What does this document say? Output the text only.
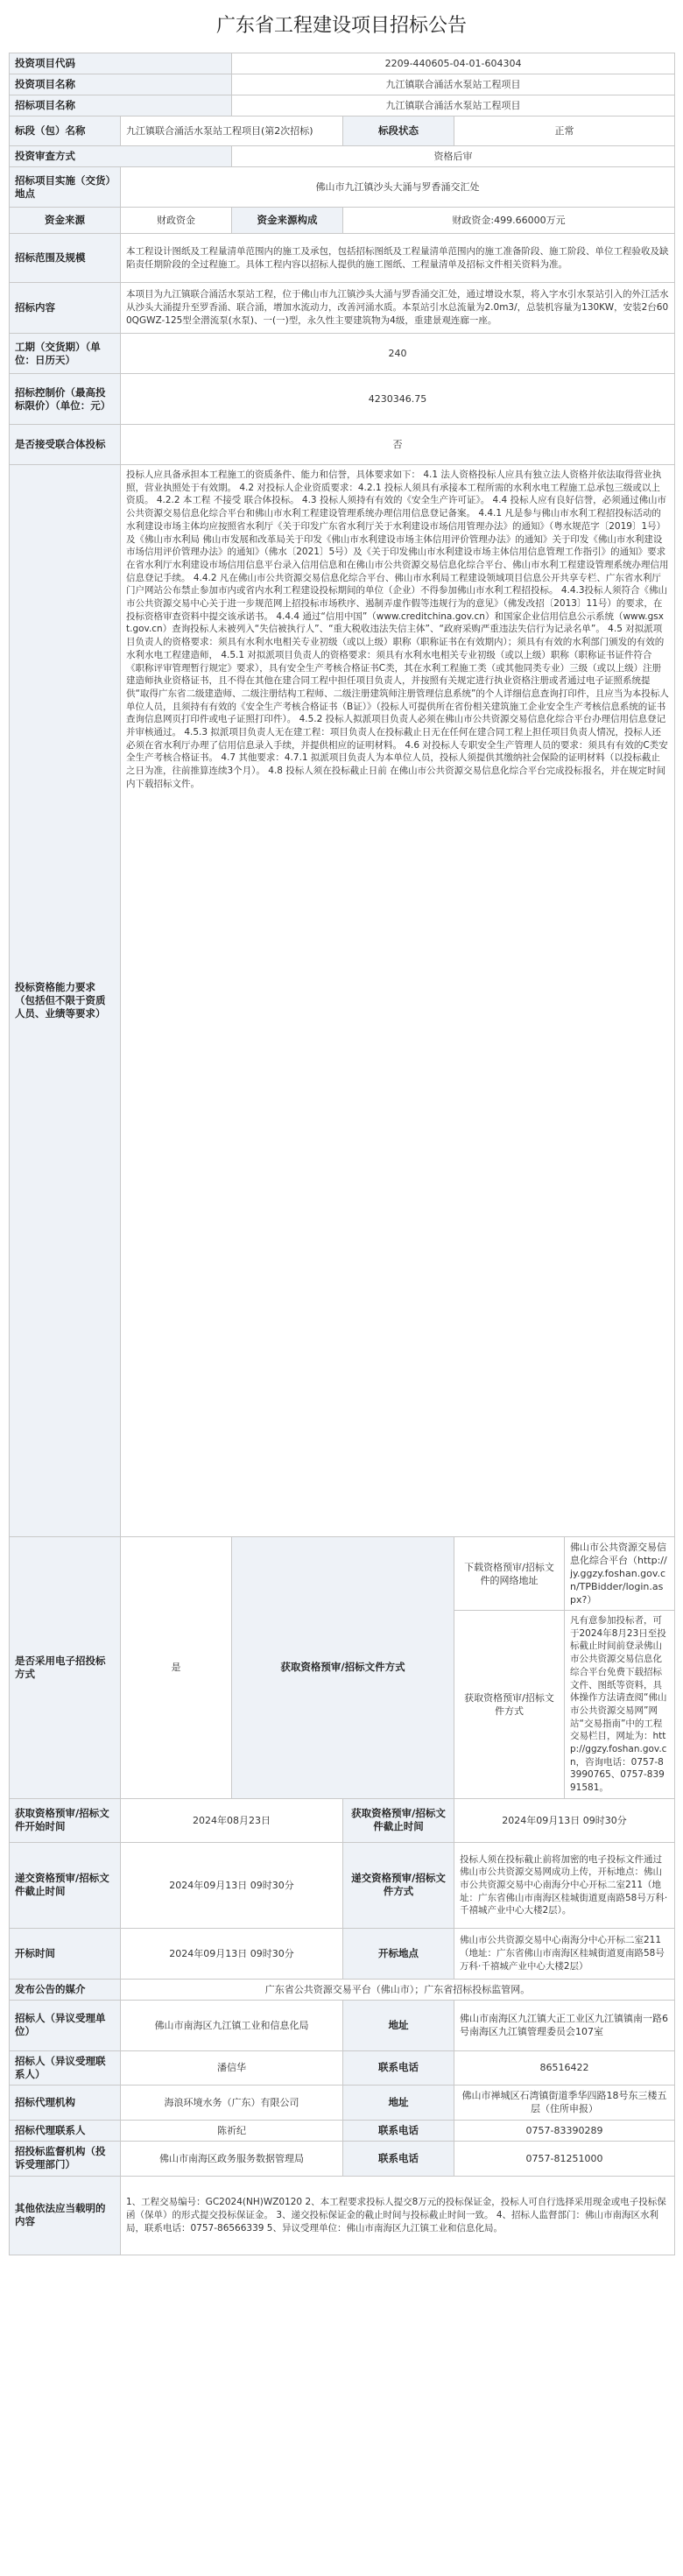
广东省工程建设项目招标公告
投资项目代码		2209-440605-04-01-604304			
投资项目名称		九江镇联合涌活水泵站工程项目			
招标项目名称		九江镇联合涌活水泵站工程项目			
标段（包）名称	九江镇联合涌活水泵站工程项目(第2次招标)		标段状态	正常	
投资审查方式		资格后审			
招标项目实施（交货）地点	佛山市九江镇沙头大涌与罗香涌交汇处				
资金来源	财政资金	资金来源构成	财政资金:499.66000万元		
招标范围及规模	本工程设计图纸及工程量清单范围内的施工及承包，包括招标图纸及工程量清单范围内的施工准备阶段、施工阶段、单位工程验收及缺陷责任期阶段的全过程施工。具体工程内容以招标人提供的施工图纸、工程量清单及招标文件相关资料为准。				
招标内容	本项目为九江镇联合涌活水泵站工程，位于佛山市九江镇沙头大涌与罗香涌交汇处，通过增设水泵，将入字水引水泵站引入的外江活水从沙头大涌提升至罗香涌、联合涌，增加水流动力，改善河涌水质。本泵站引水总流量为2.0m3/，总装机容量为130KW，安装2台600QGWZ-125型全潜流泵(水泵)、一(一)型，永久性主要建筑物为4级，重建景观连廊一座。				
工期（交货期）（单位：日历天）	240				
招标控制价（最高投标限价）（单位：元）	4230346.75				
是否接受联合体投标	否				
投标资格能力要求（包括但不限于资质人员、业绩等要求）	投标人应具备承担本工程施工的资质条件、能力和信誉，具体要求如下： 4.1 法人资格投标人应具有独立法人资格并依法取得营业执照，营业执照处于有效期。 4.2 对投标人企业资质要求：4.2.1 投标人须具有承接本工程所需的水利水电工程施工总承包三级或以上资质。 4.2.2 本工程 不接受 联合体投标。 4.3 投标人须持有有效的《安全生产许可证》。 4.4 投标人应有良好信誉，必须通过佛山市公共资源交易信息化综合平台和佛山市水利工程建设管理系统办理信用信息登记备案。 4.4.1 凡是参与佛山市水利工程招投标活动的水利建设市场主体均应按照省水利厅《关于印发广东省水利厅关于水利建设市场信用管理办法》的通知》（粤水规范字〔2019〕1号）及《佛山市水利局 佛山市发展和改革局关于印发《佛山市水利建设市场主体信用评价管理办法》的通知》关于印发《佛山市水利建设市场信用评价管理办法》的通知》（佛水〔2021〕5号）及《关于印发佛山市水利建设市场主体信用信息管理工作指引》的通知》要求在省水利厅水利建设市场信用信息平台录入信用信息和在佛山市公共资源交易信息化综合平台、佛山市水利工程建设管理系统办理信用信息登记手续。 4.4.2 凡在佛山市公共资源交易信息化综合平台、佛山市水利局工程建设领域项目信息公开共享专栏、广东省水利厅门户网站公布禁止参加市内或省内水利工程建设投标期间的单位（企业）不得参加佛山市水利工程招投标。 4.4.3投标人须符合《佛山市公共资源交易中心关于进一步规范网上招投标市场秩序、遏制弄虚作假等违规行为的意见》（佛发改招〔2013〕11号）的要求，在投标资格审查资料中提交该承诺书。 4.4.4 通过“信用中国”（www.creditchina.gov.cn）和国家企业信用信息公示系统（www.gsxt.gov.cn）查询投标人未被列入“失信被执行人”、“重大税收违法失信主体”、“政府采购严重违法失信行为记录名单”。 4.5 对拟派项目负责人的资格要求：须具有水利水电相关专业初级（或以上级）职称（职称证书在有效期内）；须具有有效的水利部门颁发的有效的水利水电工程建造师， 4.5.1 对拟派项目负责人的资格要求：须具有水利水电相关专业初级（或以上级）职称（职称证书证件符合《职称评审管理暂行规定》要求），具有安全生产考核合格证书C类，其在水利工程施工类（或其他同类专业）三级（或以上级）注册建造师执业资格证书，且不得在其他在建合同工程中担任项目负责人，并按照有关规定进行执业资格注册或者通过电子证照系统提供“取得广东省二级建造师、二级注册结构工程师、二级注册建筑师注册管理信息系统”的个人详细信息查询打印件，且应当为本投标人单位人员，且须持有有效的《安全生产考核合格证书（B证）》（投标人可提供所在省份相关建筑施工企业安全生产考核信息系统的证书查询信息网页打印件或电子证照打印件）。 4.5.2 投标人拟派项目负责人必须在佛山市公共资源交易信息化综合平台办理信用信息登记并审核通过。 4.5.3 拟派项目负责人无在建工程：项目负责人在投标截止日无在任何在建合同工程上担任项目负责人情况，投标人还必须在省水利厅办理了信用信息录入手续，并提供相应的证明材料。 4.6 对投标人专职安全生产管理人员的要求：须具有有效的C类安全生产考核合格证书。 4.7 其他要求：4.7.1 拟派项目负责人为本单位人员，投标人须提供其缴纳社会保险的证明材料（以投标截止之日为准，往前推算连续3个月）。 4.8 投标人须在投标截止日前 在佛山市公共资源交易信息化综合平台完成投标报名，并在规定时间内下载招标文件。				
是否采用电子招投标方式	是	获取资格预审/招标文件方式		下载资格预审/招标文件的网络地址	佛山市公共资源交易信息化综合平台（http://jy.ggzy.foshan.gov.cn/TPBidder/login.aspx?）
				获取资格预审/招标文件方式	凡有意参加投标者，可于2024年8月23日至投标截止时间前登录佛山市公共资源交易信息化综合平台免费下载招标文件、图纸等资料，具体操作方法请查阅“佛山市公共资源交易网”网站“交易指南”中的工程交易栏目，网址为：http://ggzy.foshan.gov.cn，咨询电话：0757-83990765、0757-83991581。
获取资格预审/招标文件开始时间	2024年08月23日		获取资格预审/招标文件截止时间	2024年09月13日 09时30分	
递交资格预审/招标文件截止时间	2024年09月13日 09时30分		递交资格预审/招标文件方式	投标人须在投标截止前将加密的电子投标文件通过佛山市公共资源交易网成功上传，开标地点：佛山市公共资源交易中心南海分中心开标二室211（地址：广东省佛山市南海区桂城街道夏南路58号万科·千禧城产业中心大楼2层）。	
开标时间	2024年09月13日 09时30分		开标地点	佛山市公共资源交易中心南海分中心开标二室211（地址：广东省佛山市南海区桂城街道夏南路58号万科·千禧城产业中心大楼2层）	
发布公告的媒介	广东省公共资源交易平台（佛山市）；广东省招标投标监管网。				
招标人（异议受理单位）	佛山市南海区九江镇工业和信息化局		地址	佛山市南海区九江镇大正工业区九江镇镇南一路6号南海区九江镇管理委员会107室	
招标人（异议受理联系人）	潘信华		联系电话	86516422	
招标代理机构	海浪环境水务（广东）有限公司		地址	佛山市禅城区石湾镇街道季华四路18号东三楼五层（住所申报）	
招标代理联系人	陈祈纪		联系电话	0757-83390289	
招投标监督机构（投诉受理部门）	佛山市南海区政务服务数据管理局		联系电话	0757-81251000	
其他依法应当载明的内容	1、工程交易编号：GC2024(NH)WZ0120 2、本工程要求投标人提交8万元的投标保证金，投标人可自行选择采用现金或电子投标保函（保单）的形式提交投标保证金。 3、递交投标保证金的截止时间与投标截止时间一致。 4、招标人监督部门：佛山市南海区水利局，联系电话：0757-86566339 5、异议受理单位：佛山市南海区九江镇工业和信息化局。				
